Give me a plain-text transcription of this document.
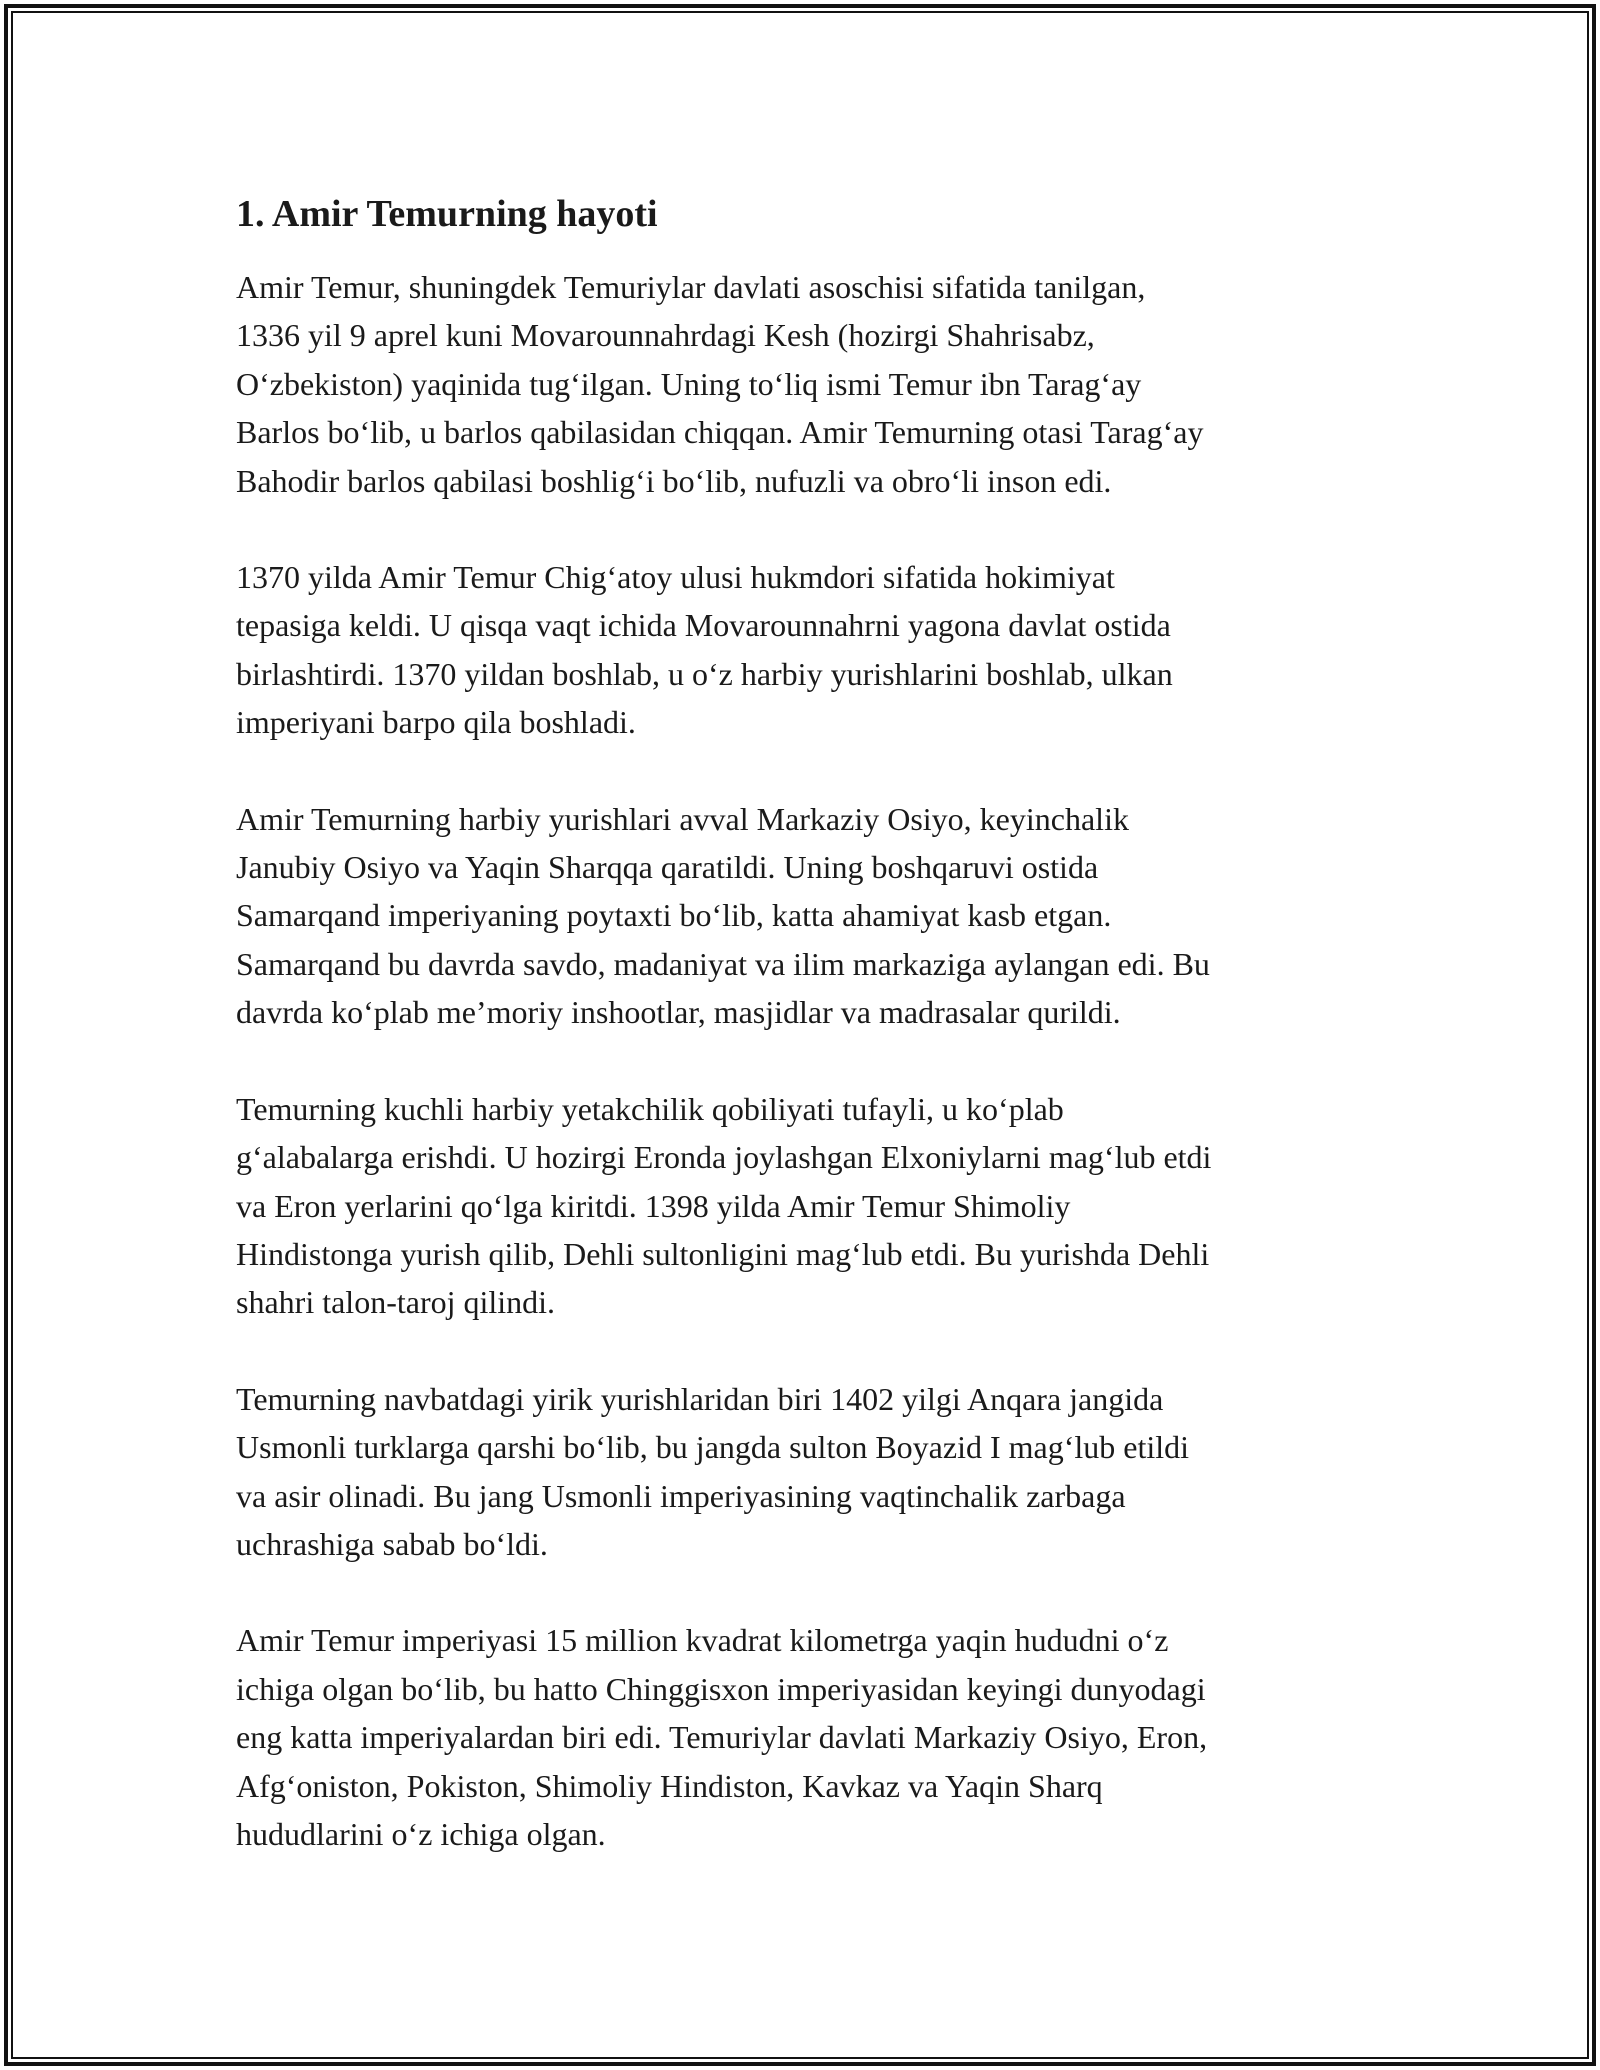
1. Amir Temurning hayoti

Amir Temur, shuningdek Temuriylar davlati asoschisi sifatida tanilgan,
1336 yil 9 aprel kuni Movarounnahrdagi Kesh (hozirgi Shahrisabz,
O‘zbekiston) yaqinida tug‘ilgan. Uning to‘liq ismi Temur ibn Tarag‘ay
Barlos bo‘lib, u barlos qabilasidan chiqqan. Amir Temurning otasi Tarag‘ay
Bahodir barlos qabilasi boshlig‘i bo‘lib, nufuzli va obro‘li inson edi.

1370 yilda Amir Temur Chig‘atoy ulusi hukmdori sifatida hokimiyat
tepasiga keldi. U qisqa vaqt ichida Movarounnahrni yagona davlat ostida
birlashtirdi. 1370 yildan boshlab, u o‘z harbiy yurishlarini boshlab, ulkan
imperiyani barpo qila boshladi.

Amir Temurning harbiy yurishlari avval Markaziy Osiyo, keyinchalik
Janubiy Osiyo va Yaqin Sharqqa qaratildi. Uning boshqaruvi ostida
Samarqand imperiyaning poytaxti bo‘lib, katta ahamiyat kasb etgan.
Samarqand bu davrda savdo, madaniyat va ilim markaziga aylangan edi. Bu
davrda ko‘plab me’moriy inshootlar, masjidlar va madrasalar qurildi.

Temurning kuchli harbiy yetakchilik qobiliyati tufayli, u ko‘plab
g‘alabalarga erishdi. U hozirgi Eronda joylashgan Elxoniylarni mag‘lub etdi
va Eron yerlarini qo‘lga kiritdi. 1398 yilda Amir Temur Shimoliy
Hindistonga yurish qilib, Dehli sultonligini mag‘lub etdi. Bu yurishda Dehli
shahri talon-taroj qilindi.

Temurning navbatdagi yirik yurishlaridan biri 1402 yilgi Anqara jangida
Usmonli turklarga qarshi bo‘lib, bu jangda sulton Boyazid I mag‘lub etildi
va asir olinadi. Bu jang Usmonli imperiyasining vaqtinchalik zarbaga
uchrashiga sabab bo‘ldi.

Amir Temur imperiyasi 15 million kvadrat kilometrga yaqin hududni o‘z
ichiga olgan bo‘lib, bu hatto Chinggisxon imperiyasidan keyingi dunyodagi
eng katta imperiyalardan biri edi. Temuriylar davlati Markaziy Osiyo, Eron,
Afg‘oniston, Pokiston, Shimoliy Hindiston, Kavkaz va Yaqin Sharq
hududlarini o‘z ichiga olgan.
